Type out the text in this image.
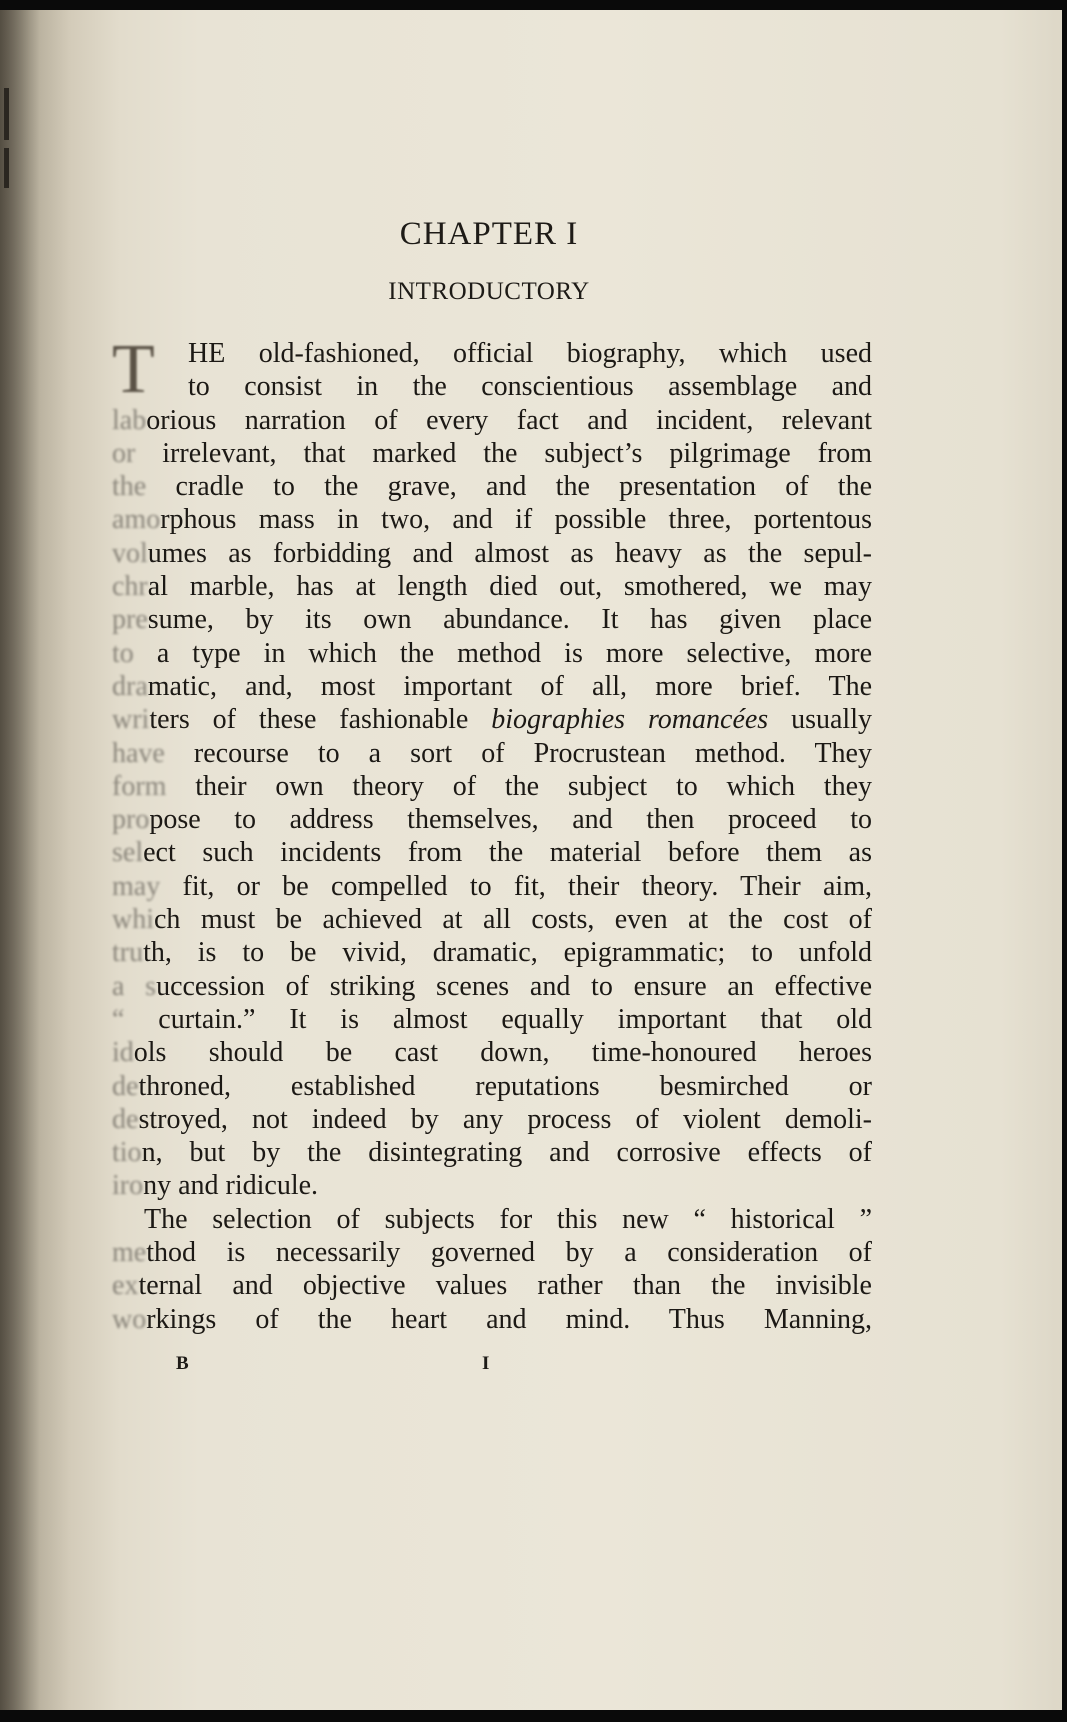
CHAPTER I
INTRODUCTORY
T	HE old-fashioned, official biography, which used
to consist in the conscientious assemblage and
laborious narration of every fact and incident, relevant
or irrelevant, that marked the subject’s pilgrimage from
the cradle to the grave, and the presentation of the
amorphous mass in two, and if possible three, portentous
volumes as forbidding and almost as heavy as the sepul-
chral marble, has at length died out, smothered, we may
presume, by its own abundance. It has given place
to a type in which the method is more selective, more
dramatic, and, most important of all, more brief. The
writers of these fashionable biographies romancées usually
have recourse to a sort of Procrustean method. They
form their own theory of the subject to which they
propose to address themselves, and then proceed to
select such incidents from the material before them as
may fit, or be compelled to fit, their theory. Their aim,
which must be achieved at all costs, even at the cost of
truth, is to be vivid, dramatic, epigrammatic; to unfold
a succession of striking scenes and to ensure an effective
“ curtain.” It is almost equally important that old
idols should be cast down, time-honoured heroes
dethroned, established reputations besmirched or
destroyed, not indeed by any process of violent demoli-
tion, but by the disintegrating and corrosive effects of
irony and ridicule.
The selection of subjects for this new “ historical ”
method is necessarily governed by a consideration of
external and objective values rather than the invisible
workings of the heart and mind. Thus Manning,
B	I
